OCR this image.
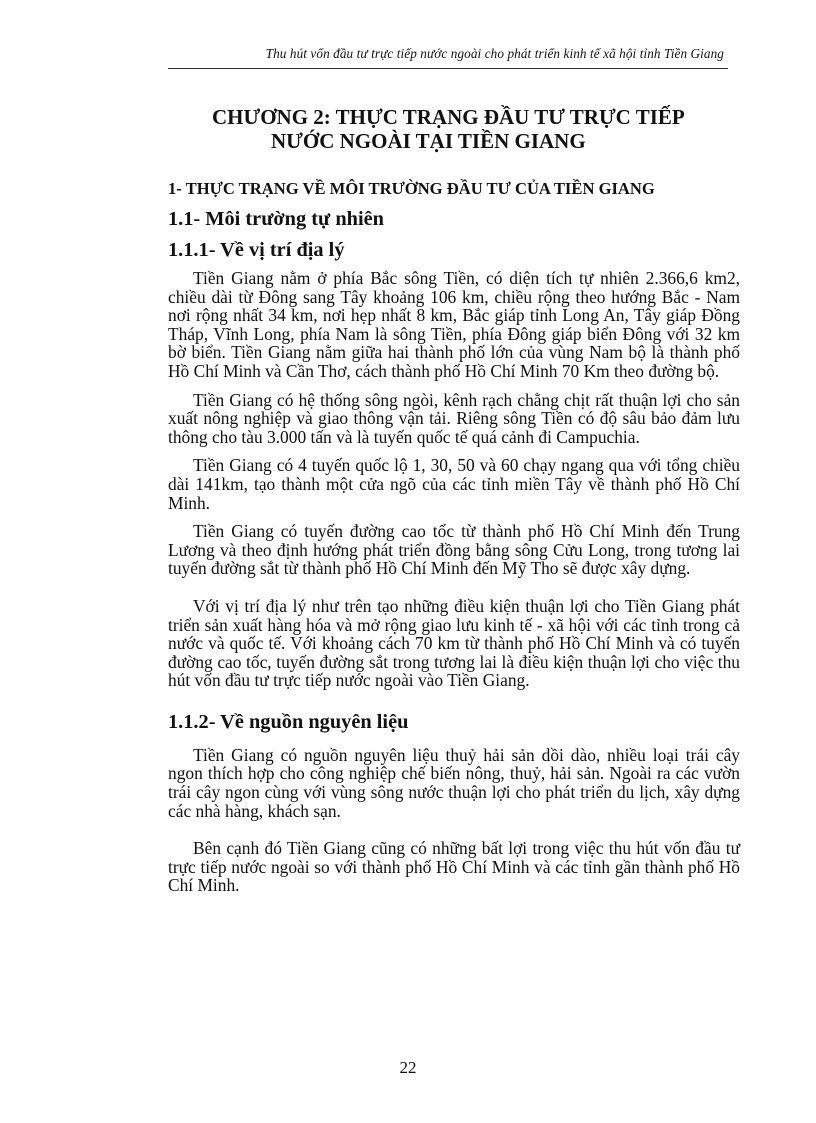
Thu hút vốn đầu tư trực tiếp nước ngoài cho phát triển kinh tế xã hội tỉnh Tiền Giang
CHƯƠNG 2: THỰC TRẠNG ĐẦU TƯ TRỰC TIẾP
NƯỚC NGOÀI TẠI TIỀN GIANG
1- THỰC TRẠNG VỀ MÔI TRƯỜNG ĐẦU TƯ CỦA TIỀN GIANG
1.1- Môi trường tự nhiên
1.1.1- Về vị trí địa lý

Tiền Giang nằm ở phía Bắc sông Tiền, có diện tích tự nhiên 2.366,6 km2, chiều dài từ Đông sang Tây khoảng 106 km, chiều rộng theo hướng Bắc - Nam nơi rộng nhất 34 km, nơi hẹp nhất 8 km, Bắc giáp tỉnh Long An, Tây giáp Đồng Tháp, Vĩnh Long, phía Nam là sông Tiền, phía Đông giáp biển Đông với 32 km bờ biển. Tiền Giang nằm giữa hai thành phố lớn của vùng Nam bộ là thành phố Hồ Chí Minh và Cần Thơ, cách thành phố Hồ Chí Minh 70 Km theo đường bộ.

Tiền Giang có hệ thống sông ngòi, kênh rạch chằng chịt rất thuận lợi cho sản xuất nông nghiệp và giao thông vận tải. Riêng sông Tiền có độ sâu bảo đảm lưu thông cho tàu 3.000 tấn và là tuyến quốc tế quá cảnh đi Campuchia.

Tiền Giang có 4 tuyến quốc lộ 1, 30, 50 và 60 chạy ngang qua với tổng chiều dài 141km, tạo thành một cửa ngõ của các tỉnh miền Tây về thành phố Hồ Chí Minh.

Tiền Giang có tuyến đường cao tốc từ thành phố Hồ Chí Minh đến Trung Lương và theo định hướng phát triển đồng bằng sông Cửu Long, trong tương lai tuyến đường sắt từ thành phố Hồ Chí Minh đến Mỹ Tho sẽ được xây dựng.

Với vị trí địa lý như trên tạo những điều kiện thuận lợi cho Tiền Giang phát triển sản xuất hàng hóa và mở rộng giao lưu kinh tế - xã hội với các tỉnh trong cả nước và quốc tế. Với khoảng cách 70 km từ thành phố Hồ Chí Minh và có tuyến đường cao tốc, tuyến đường sắt trong tương lai là điều kiện thuận lợi cho việc thu hút vốn đầu tư trực tiếp nước ngoài vào Tiền Giang.

1.1.2- Về nguồn nguyên liệu

Tiền Giang có nguồn nguyên liệu thuỷ hải sản dồi dào, nhiều loại trái cây ngon thích hợp cho công nghiệp chế biến nông, thuỷ, hải sản. Ngoài ra các vườn trái cây ngon cùng với vùng sông nước thuận lợi cho phát triển du lịch, xây dựng các nhà hàng, khách sạn.

Bên cạnh đó Tiền Giang cũng có những bất lợi trong việc thu hút vốn đầu tư trực tiếp nước ngoài so với thành phố Hồ Chí Minh và các tỉnh gần thành phố Hồ Chí Minh.

22
